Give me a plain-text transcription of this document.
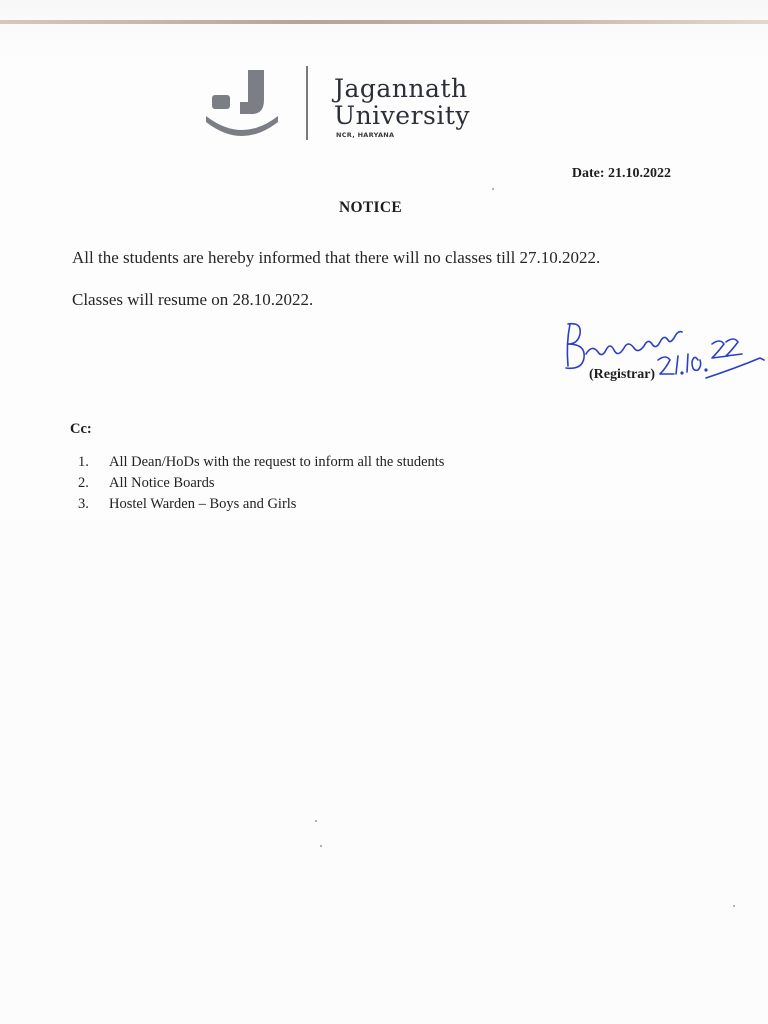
Jagannath
University
NCR, HARYANA
Date: 21.10.2022
NOTICE
All the students are hereby informed that there will no classes till 27.10.2022.
Classes will resume on 28.10.2022.
(Registrar)
Cc:
1.	All Dean/HoDs with the request to inform all the students
2.	All Notice Boards
3.	Hostel Warden – Boys and Girls
